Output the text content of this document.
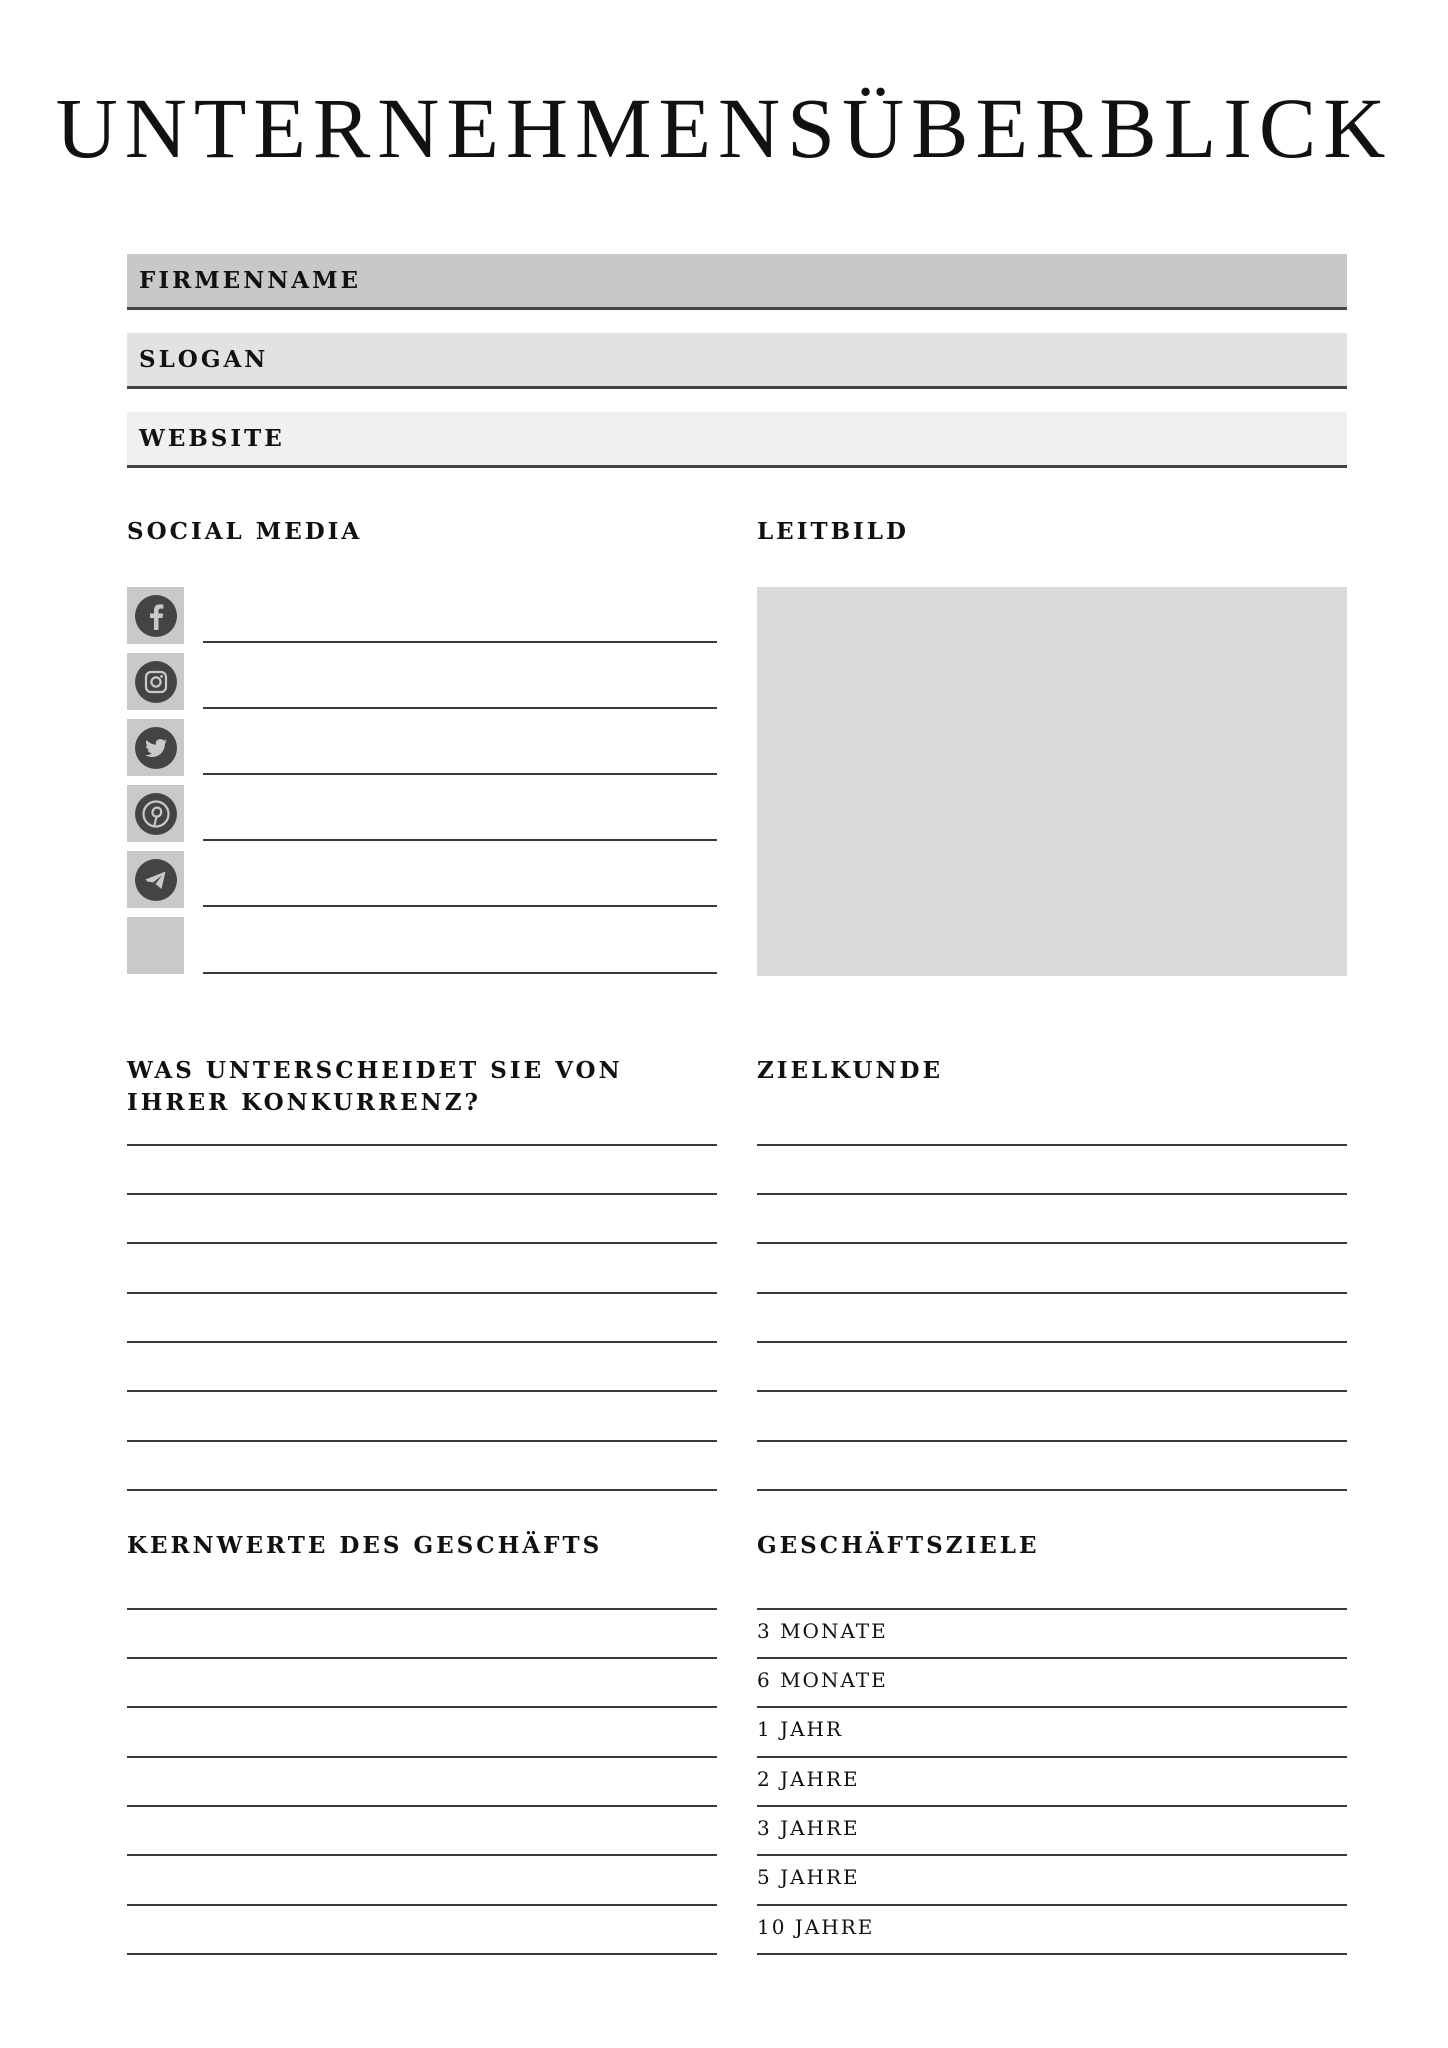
UNTERNEHMENSÜBERBLICK
FIRMENNAME
SLOGAN
WEBSITE
SOCIAL MEDIA	LEITBILD
WAS UNTERSCHEIDET SIE VON IHRER KONKURRENZ?
ZIELKUNDE
KERNWERTE DES GESCHÄFTS	GESCHÄFTSZIELE
3 MONATE
6 MONATE
1 JAHR
2 JAHRE
3 JAHRE
5 JAHRE
10 JAHRE
